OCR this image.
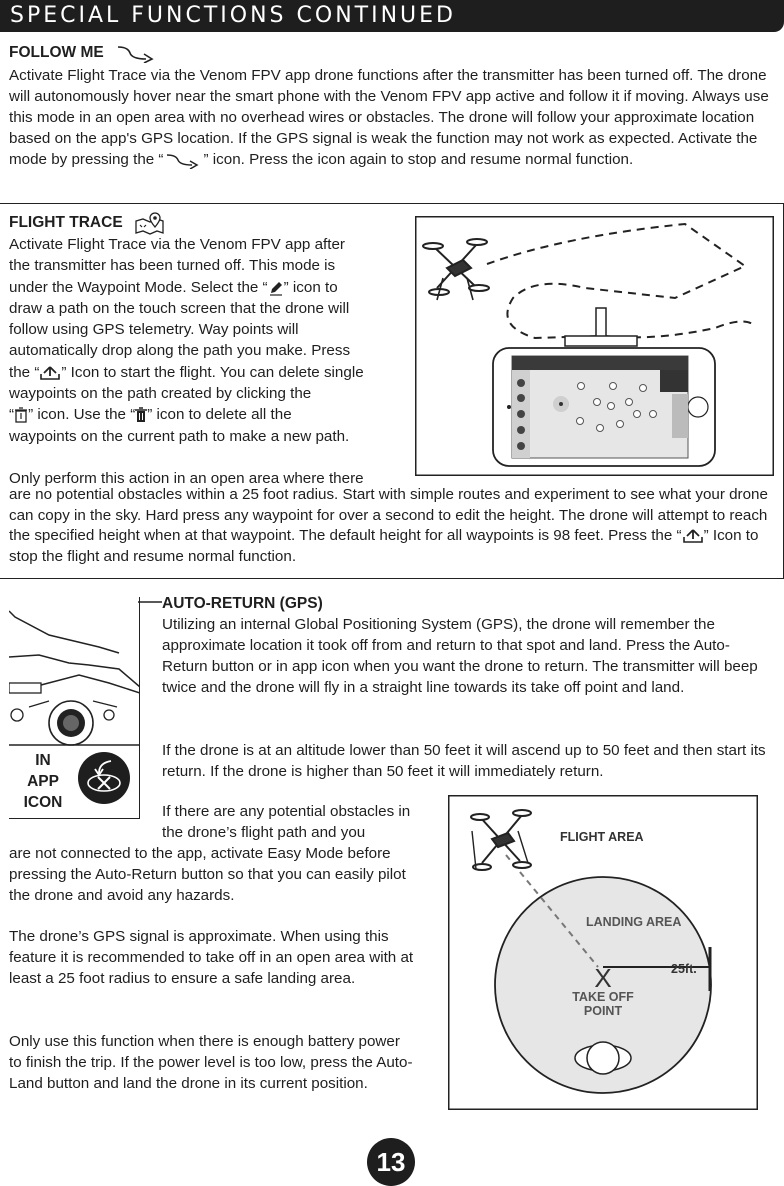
SPECIAL FUNCTIONS CONTINUED
FOLLOW ME
Activate Flight Trace via the Venom FPV app drone functions after the transmitter has been turned off. The drone will autonomously hover near the smart phone with the Venom FPV app active and follow it if moving. Always use this mode in an open area with no overhead wires or obstacles. The drone will follow your approximate location based on the app's GPS location. If the GPS signal is weak the function may not work as expected. Activate the mode by pressing the “	” icon. Press the icon again to stop and resume normal function.
FLIGHT TRACE
Activate Flight Trace via the Venom FPV app after
the transmitter has been turned off. This mode is
under the Waypoint Mode. Select the “ ” icon to
draw a path on the touch screen that the drone will
follow using GPS telemetry. Way points will
automatically drop along the path you make. Press
the “ ” Icon to start the flight. You can delete single
waypoints on the path created by clicking the
“ ” icon. Use the “ ” icon to delete all the
waypoints on the current path to make a new path.
Only perform this action in an open area where there
are no potential obstacles within a 25 foot radius. Start with simple routes and experiment to see what your drone can copy in the sky. Hard press any waypoint for over a second to edit the height. The drone will attempt to reach the specified height when at that waypoint. The default height for all waypoints is 98 feet. Press the “ ” Icon to stop the flight and resume normal function.
IN
APP
ICON
AUTO-RETURN (GPS)
Utilizing an internal Global Positioning System (GPS), the drone will remember the approximate location it took off from and return to that spot and land. Press the Auto-Return button or in app icon when you want the drone to return. The transmitter will beep twice and the drone will fly in a straight line towards its take off point and land.
If the drone is at an altitude lower than 50 feet it will ascend up to 50 feet and then start its return. If the drone is higher than 50 feet it will immediately return.
If there are any potential obstacles in the drone’s flight path and you
are not connected to the app, activate Easy Mode before pressing the Auto-Return button so that you can easily pilot the drone and avoid any hazards.
The drone’s GPS signal is approximate. When using this feature it is recommended to take off in an open area with at least a 25 foot radius to ensure a safe landing area.
Only use this function when there is enough battery power to finish the trip. If the power level is too low, press the Auto-Land button and land the drone in its current position.
FLIGHT AREA
LANDING AREA
25ft.
X
TAKE OFF
POINT
13
